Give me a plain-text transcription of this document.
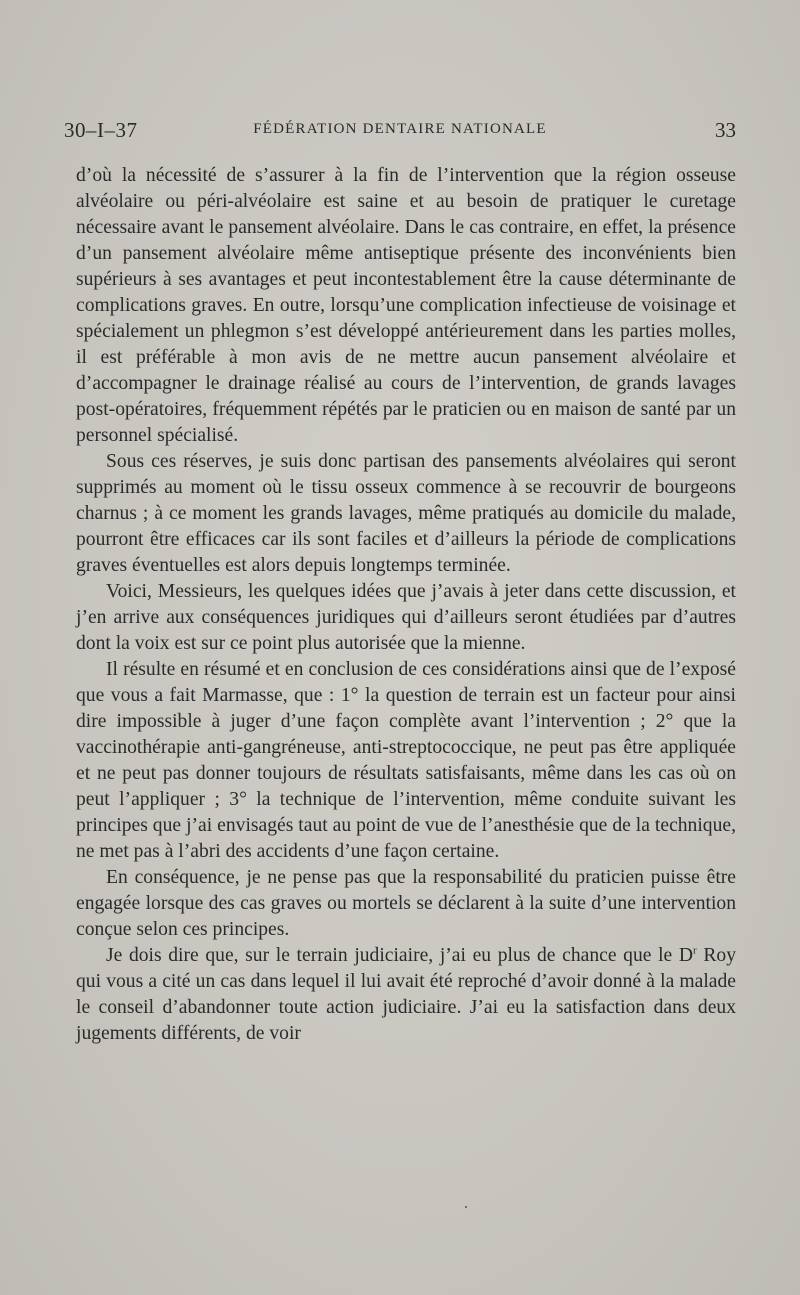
30–I–37	FÉDÉRATION DENTAIRE NATIONALE	33

d’où la nécessité de s’assurer à la fin de l’intervention que la région osseuse alvéolaire ou péri-alvéolaire est saine et au besoin de pratiquer le curetage nécessaire avant le pansement alvéolaire. Dans le cas contraire, en effet, la présence d’un pansement alvéolaire même antiseptique présente des inconvénients bien supérieurs à ses avantages et peut incontestablement être la cause déterminante de complications graves. En outre, lorsqu’une complication infectieuse de voisinage et spécialement un phlegmon s’est développé antérieurement dans les parties molles, il est préférable à mon avis de ne mettre aucun pansement alvéolaire et d’accompagner le drainage réalisé au cours de l’intervention, de grands lavages post-opératoires, fréquemment répétés par le praticien ou en maison de santé par un personnel spécialisé.

Sous ces réserves, je suis donc partisan des pansements alvéolaires qui seront supprimés au moment où le tissu osseux commence à se recouvrir de bourgeons charnus ; à ce moment les grands lavages, même pratiqués au domicile du malade, pourront être efficaces car ils sont faciles et d’ailleurs la période de complications graves éventuelles est alors depuis longtemps terminée.

Voici, Messieurs, les quelques idées que j’avais à jeter dans cette discussion, et j’en arrive aux conséquences juridiques qui d’ailleurs seront étudiées par d’autres dont la voix est sur ce point plus autorisée que la mienne.

Il résulte en résumé et en conclusion de ces considérations ainsi que de l’exposé que vous a fait Marmasse, que : 1° la question de terrain est un facteur pour ainsi dire impossible à juger d’une façon complète avant l’intervention ; 2° que la vaccinothérapie anti-gangréneuse, anti-streptococcique, ne peut pas être appliquée et ne peut pas donner toujours de résultats satisfaisants, même dans les cas où on peut l’appliquer ; 3° la technique de l’intervention, même conduite suivant les principes que j’ai envisagés taut au point de vue de l’anesthésie que de la technique, ne met pas à l’abri des accidents d’une façon certaine.

En conséquence, je ne pense pas que la responsabilité du praticien puisse être engagée lorsque des cas graves ou mortels se déclarent à la suite d’une intervention conçue selon ces principes.

Je dois dire que, sur le terrain judiciaire, j’ai eu plus de chance que le $D^r$ Roy qui vous a cité un cas dans lequel il lui avait été reproché d’avoir donné à la malade le conseil d’abandonner toute action judiciaire. J’ai eu la satisfaction dans deux jugements différents, de voir
